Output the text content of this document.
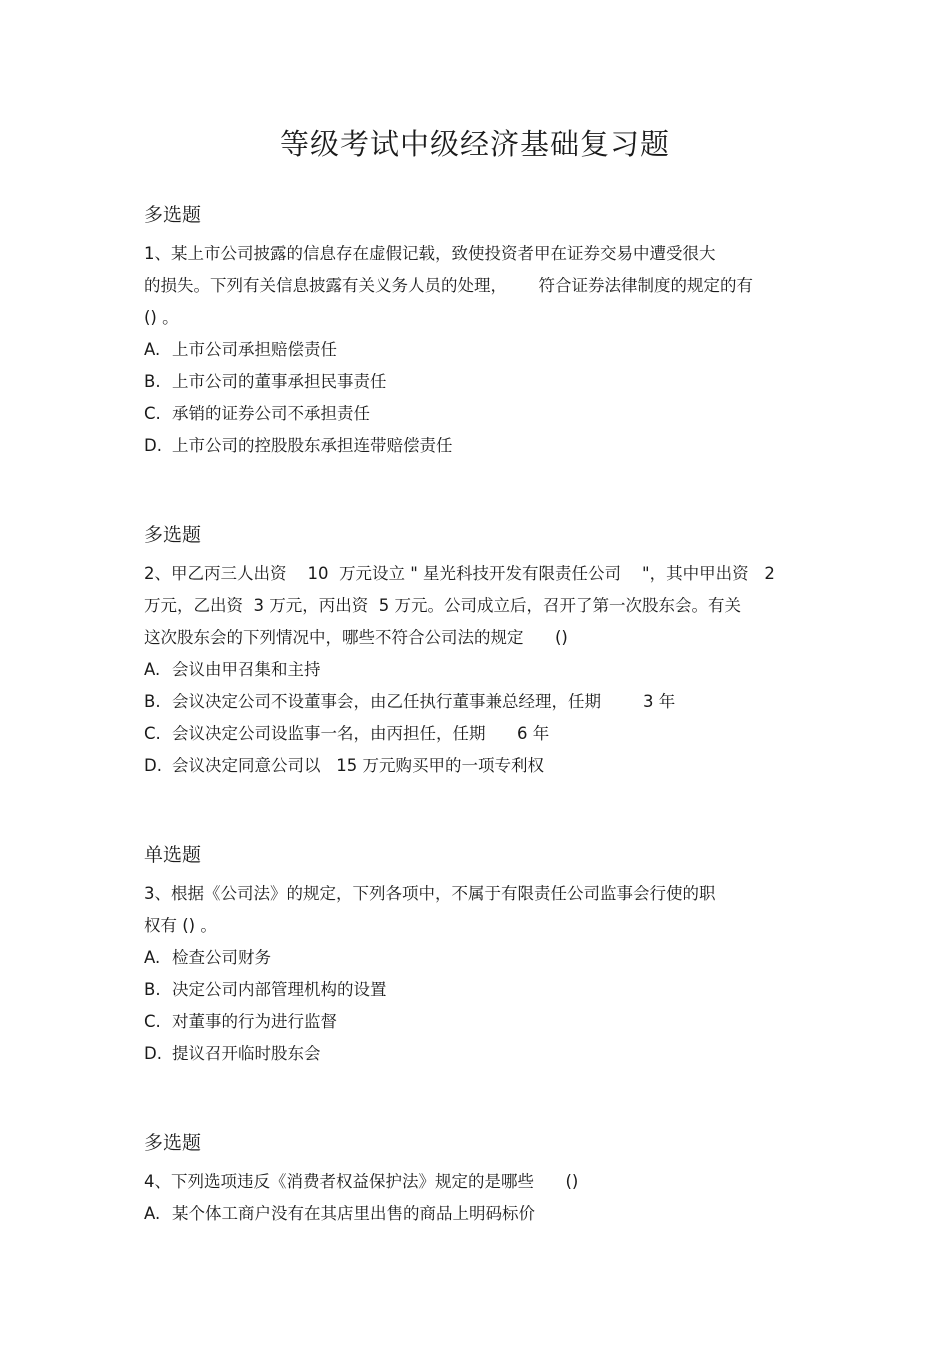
等级考试中级经济基础复习题
多选题
1、某上市公司披露的信息存在虚假记载，致使投资者甲在证券交易中遭受很大
的损失。下列有关信息披露有关义务人员的处理，      符合证券法律制度的规定的有
() 。
A. 上市公司承担赔偿责任
B. 上市公司的董事承担民事责任
C. 承销的证券公司不承担责任
D. 上市公司的控股股东承担连带赔偿责任
多选题
2、甲乙丙三人出资    10  万元设立 " 星光科技开发有限责任公司    "，其中甲出资   2
万元，乙出资  3 万元，丙出资  5 万元。公司成立后，召开了第一次股东会。有关
这次股东会的下列情况中，哪些不符合公司法的规定      ()
A. 会议由甲召集和主持
B. 会议决定公司不设董事会，由乙任执行董事兼总经理，任期        3 年
C. 会议决定公司设监事一名，由丙担任，任期      6 年
D. 会议决定同意公司以   15 万元购买甲的一项专利权
单选题
3、根据《公司法》的规定，下列各项中，不属于有限责任公司监事会行使的职
权有 () 。
A. 检查公司财务
B. 决定公司内部管理机构的设置
C. 对董事的行为进行监督
D. 提议召开临时股东会
多选题
4、下列选项违反《消费者权益保护法》规定的是哪些      ()
A. 某个体工商户没有在其店里出售的商品上明码标价
